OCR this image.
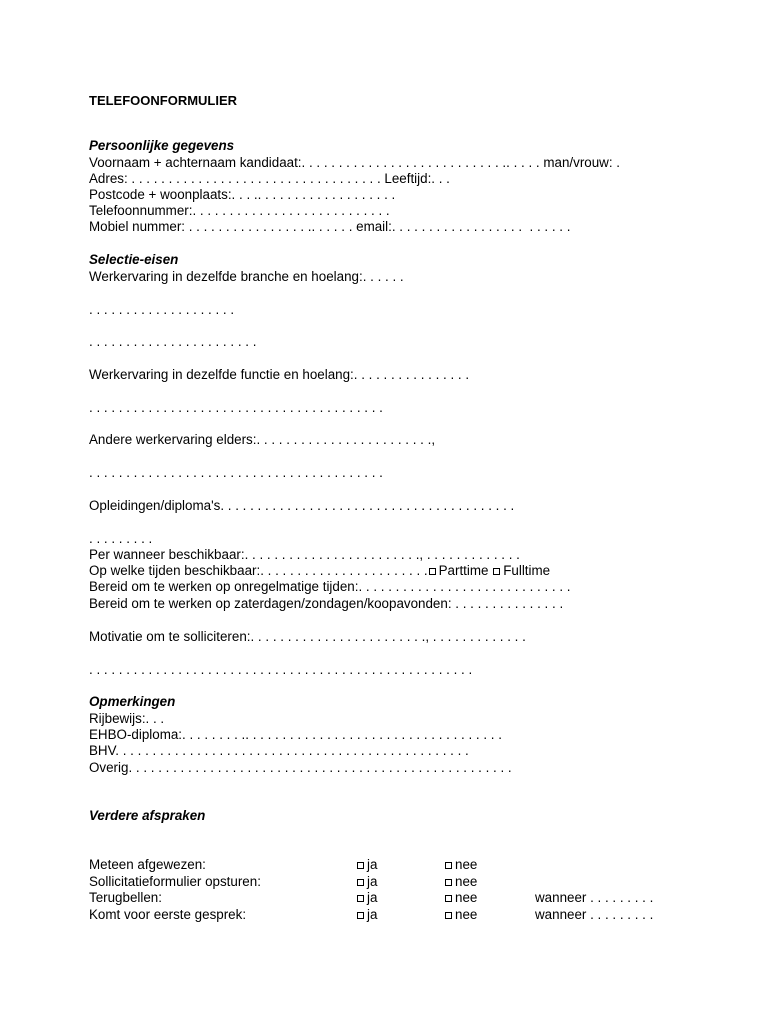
TELEFOONFORMULIER

Persoonlijke gegevens

Voornaam + achternaam kandidaat:. . . . . . . . . . . . . . . . . . . . . . . . . . . .. . . . . man/vrouw: .

Adres: . . . . . . . . . . . . . . . . . . . . . . . . . . . . . . . . . . Leeftijd:. . .

Postcode + woonplaats:. . . .. . . . . . . . . . . . . . . . . . .

Telefoonnummer:. . . . . . . . . . . . . . . . . . . . . . . . . . .

Mobiel nummer: . . . . . . . . . . . . . . . . .. . . . . . email:. . . . . . . . . . . . . . . . . .  . . . . . .

Selectie-eisen

Werkervaring in dezelfde branche en hoelang:. . . . . .

. . . . . . . . . . . . . . . . . . . .

. . . . . . . . . . . . . . . . . . . . . . .

Werkervaring in dezelfde functie en hoelang:. . . . . . . . . . . . . . . .

. . . . . . . . . . . . . . . . . . . . . . . . . . . . . . . . . . . . . . . .

Andere werkervaring elders:. . . . . . . . . . . . . . . . . . . . . . . .,

. . . . . . . . . . . . . . . . . . . . . . . . . . . . . . . . . . . . . . . .

Opleidingen/diploma's. . . . . . . . . . . . . . . . . . . . . . . . . . . . . . . . . . . . . . . .

. . . . . . . . .

Per wanneer beschikbaar:. . . . . . . . . . . . . . . . . . . . . . . ., . . . . . . . . . . . . .

Op welke tijden beschikbaar:. . . . . . . . . . . . . . . . . . . . . . . Parttime Fulltime

Bereid om te werken op onregelmatige tijden:. . . . . . . . . . . . . . . . . . . . . . . . . . . . .

Bereid om te werken op zaterdagen/zondagen/koopavonden: . . . . . . . . . . . . . . .

Motivatie om te solliciteren:. . . . . . . . . . . . . . . . . . . . . . . ., . . . . . . . . . . . . .

. . . . . . . . . . . . . . . . . . . . . . . . . . . . . . . . . . . . . . . . . . . . . . . . . . . .

Opmerkingen

Rijbewijs:. . .

EHBO-diploma:. . . . . . . . .. . . . . . . . . . . . . . . . . . . . . . . . . . . . . . . . . . .

BHV. . . . . . . . . . . . . . . . . . . . . . . . . . . . . . . . . . . . . . . . . . . . . . . .

Overig. . . . . . . . . . . . . . . . . . . . . . . . . . . . . . . . . . . . . . . . . . . . . . . . . . . .

Verdere afspraken

Meteen afgewezen:	ja	nee
Sollicitatieformulier opsturen:	ja	nee
Terugbellen:	ja	nee	wanneer . . . . . . . . .
Komt voor eerste gesprek:	ja	nee	wanneer . . . . . . . . .
